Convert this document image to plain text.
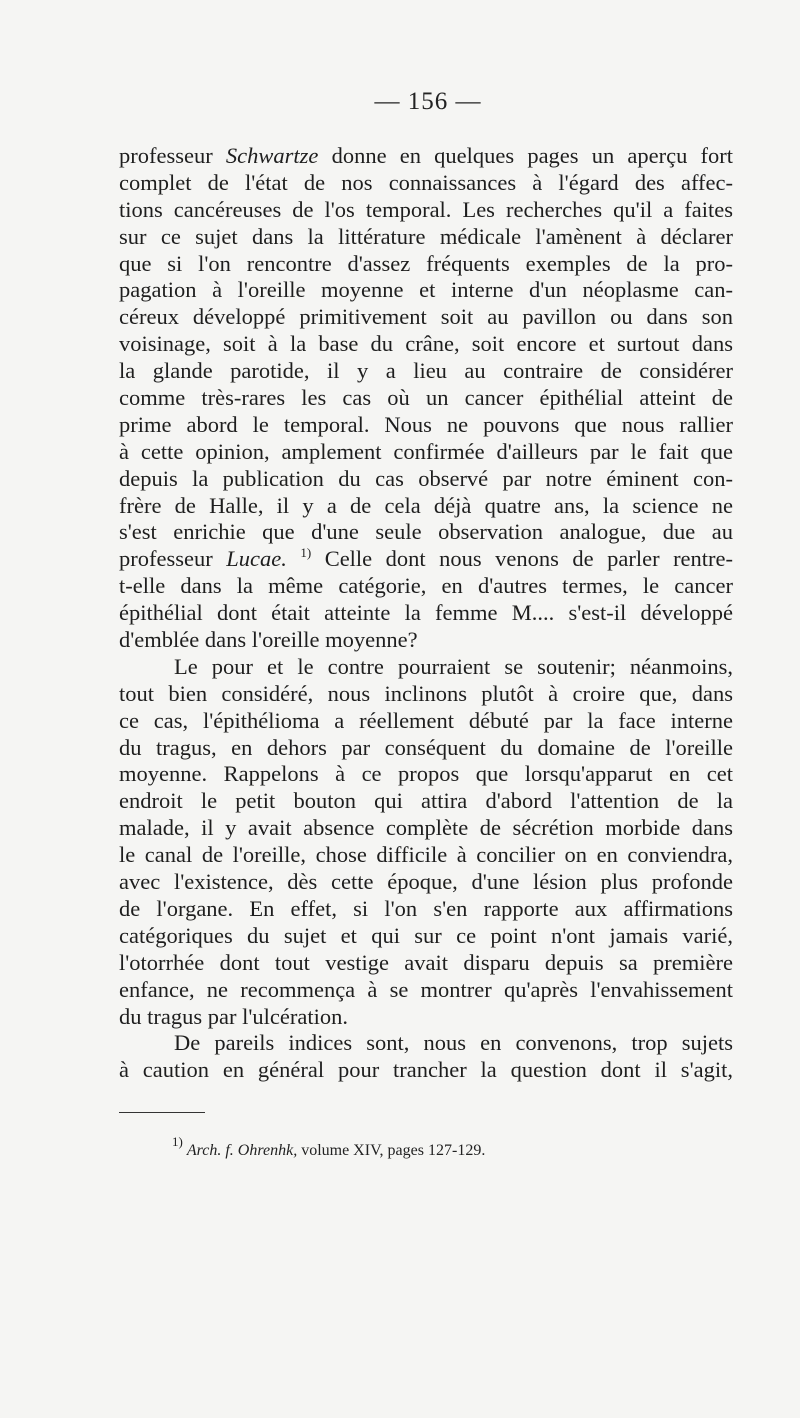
— 156 —
professeur Schwartze donne en quelques pages un aperçu fort
complet de l'état de nos connaissances à l'égard des affec-
tions cancéreuses de l'os temporal. Les recherches qu'il a faites
sur ce sujet dans la littérature médicale l'amènent à déclarer
que si l'on rencontre d'assez fréquents exemples de la pro-
pagation à l'oreille moyenne et interne d'un néoplasme can-
céreux développé primitivement soit au pavillon ou dans son
voisinage, soit à la base du crâne, soit encore et surtout dans
la glande parotide, il y a lieu au contraire de considérer
comme très-rares les cas où un cancer épithélial atteint de
prime abord le temporal. Nous ne pouvons que nous rallier
à cette opinion, amplement confirmée d'ailleurs par le fait que
depuis la publication du cas observé par notre éminent con-
frère de Halle, il y a de cela déjà quatre ans, la science ne
s'est enrichie que d'une seule observation analogue, due au
professeur Lucae. $^{1)}$ Celle dont nous venons de parler rentre-
t-elle dans la même catégorie, en d'autres termes, le cancer
épithélial dont était atteinte la femme M.... s'est-il développé
d'emblée dans l'oreille moyenne?
Le pour et le contre pourraient se soutenir; néanmoins,
tout bien considéré, nous inclinons plutôt à croire que, dans
ce cas, l'épithélioma a réellement débuté par la face interne
du tragus, en dehors par conséquent du domaine de l'oreille
moyenne. Rappelons à ce propos que lorsqu'apparut en cet
endroit le petit bouton qui attira d'abord l'attention de la
malade, il y avait absence complète de sécrétion morbide dans
le canal de l'oreille, chose difficile à concilier on en conviendra,
avec l'existence, dès cette époque, d'une lésion plus profonde
de l'organe. En effet, si l'on s'en rapporte aux affirmations
catégoriques du sujet et qui sur ce point n'ont jamais varié,
l'otorrhée dont tout vestige avait disparu depuis sa première
enfance, ne recommença à se montrer qu'après l'envahissement
du tragus par l'ulcération.
De pareils indices sont, nous en convenons, trop sujets
à caution en général pour trancher la question dont il s'agit,
$^{1)}$ Arch. f. Ohrenhk, volume XIV, pages 127-129.
